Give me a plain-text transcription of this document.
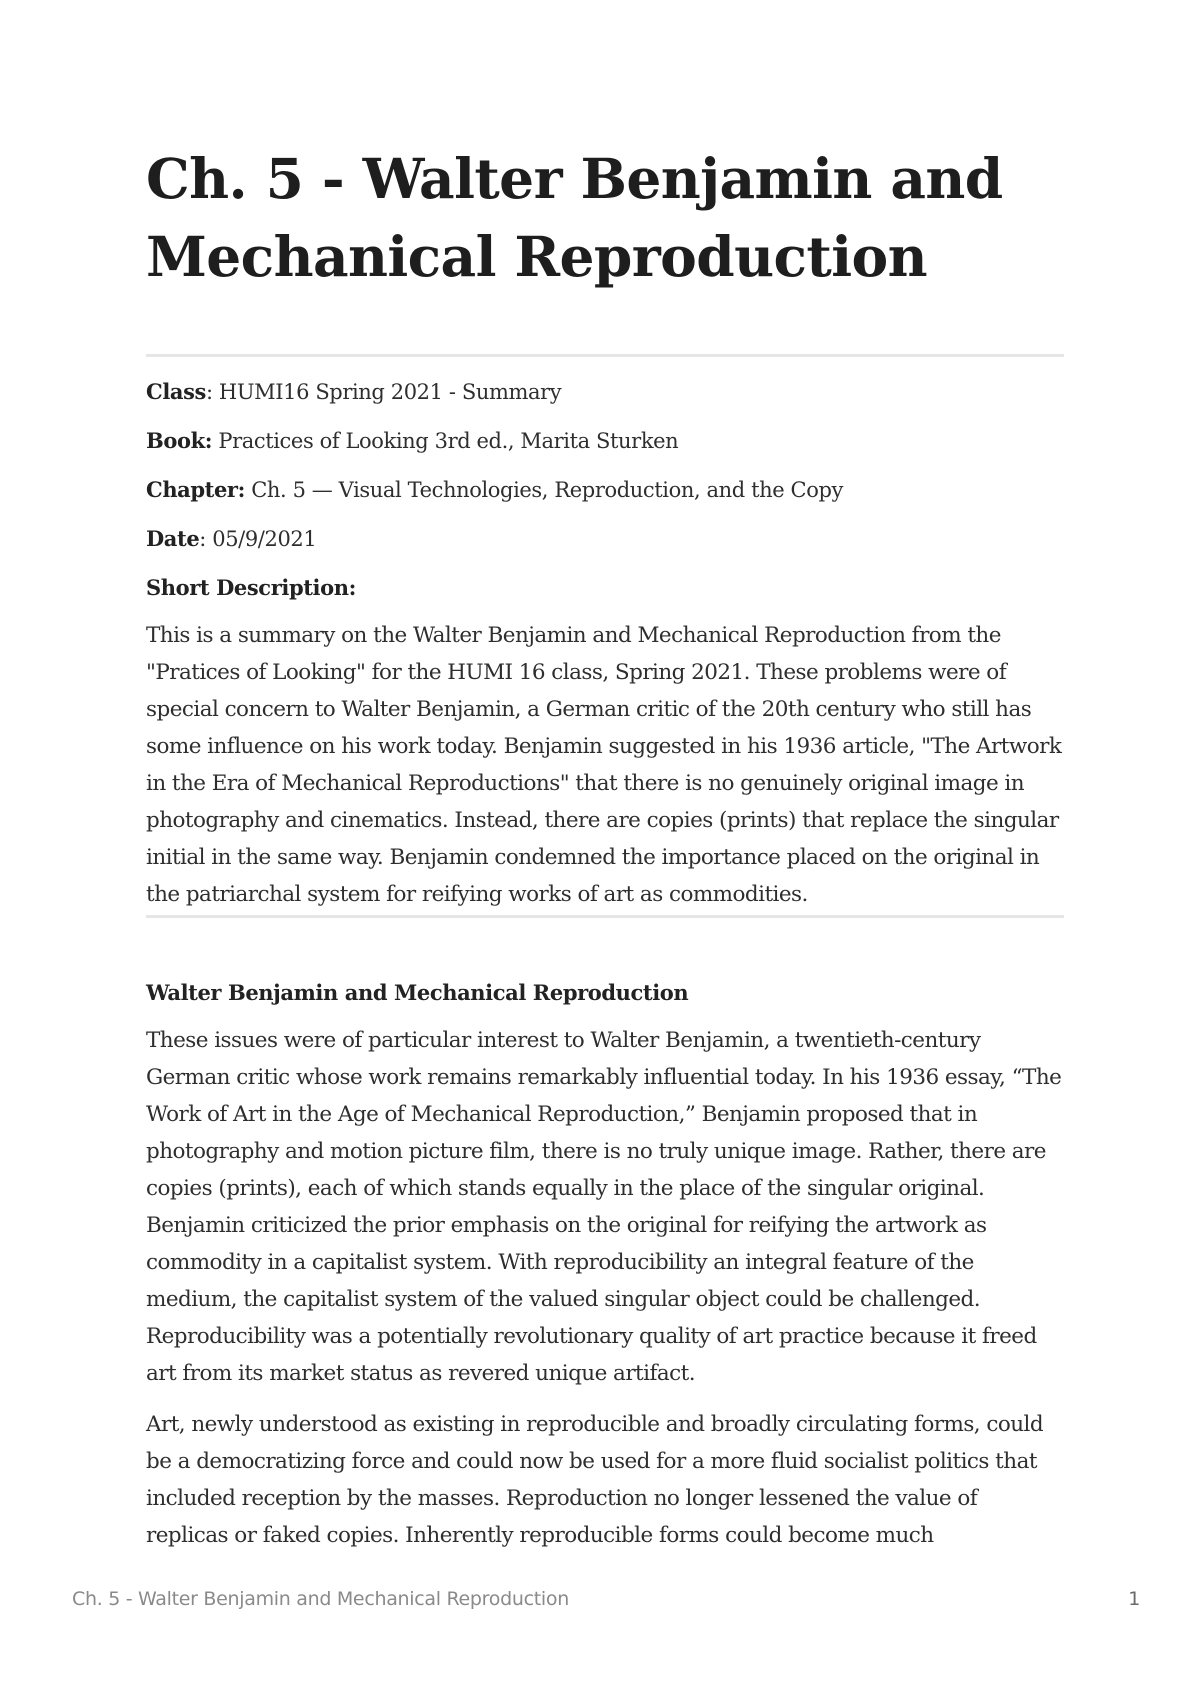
Ch. 5 - Walter Benjamin and Mechanical Reproduction

Class: HUMI16 Spring 2021 - Summary

Book: Practices of Looking 3rd ed., Marita Sturken

Chapter: Ch. 5 — Visual Technologies, Reproduction, and the Copy

Date: 05/9/2021

Short Description:

This is a summary on the Walter Benjamin and Mechanical Reproduction from the "Pratices of Looking" for the HUMI 16 class, Spring 2021. These problems were of special concern to Walter Benjamin, a German critic of the 20th century who still has some influence on his work today. Benjamin suggested in his 1936 article, "The Artwork in the Era of Mechanical Reproductions" that there is no genuinely original image in photography and cinematics. Instead, there are copies (prints) that replace the singular initial in the same way. Benjamin condemned the importance placed on the original in the patriarchal system for reifying works of art as commodities.

Walter Benjamin and Mechanical Reproduction

These issues were of particular interest to Walter Benjamin, a twentieth-century German critic whose work remains remarkably influential today. In his 1936 essay, “The Work of Art in the Age of Mechanical Reproduction,” Benjamin proposed that in photography and motion picture film, there is no truly unique image. Rather, there are copies (prints), each of which stands equally in the place of the singular original. Benjamin criticized the prior emphasis on the original for reifying the artwork as commodity in a capitalist system. With reproducibility an integral feature of the medium, the capitalist system of the valued singular object could be challenged. Reproducibility was a potentially revolutionary quality of art practice because it freed art from its market status as revered unique artifact.

Art, newly understood as existing in reproducible and broadly circulating forms, could be a democratizing force and could now be used for a more fluid socialist politics that included reception by the masses. Reproduction no longer lessened the value of replicas or faked copies. Inherently reproducible forms could become much

Ch. 5 - Walter Benjamin and Mechanical Reproduction	1
